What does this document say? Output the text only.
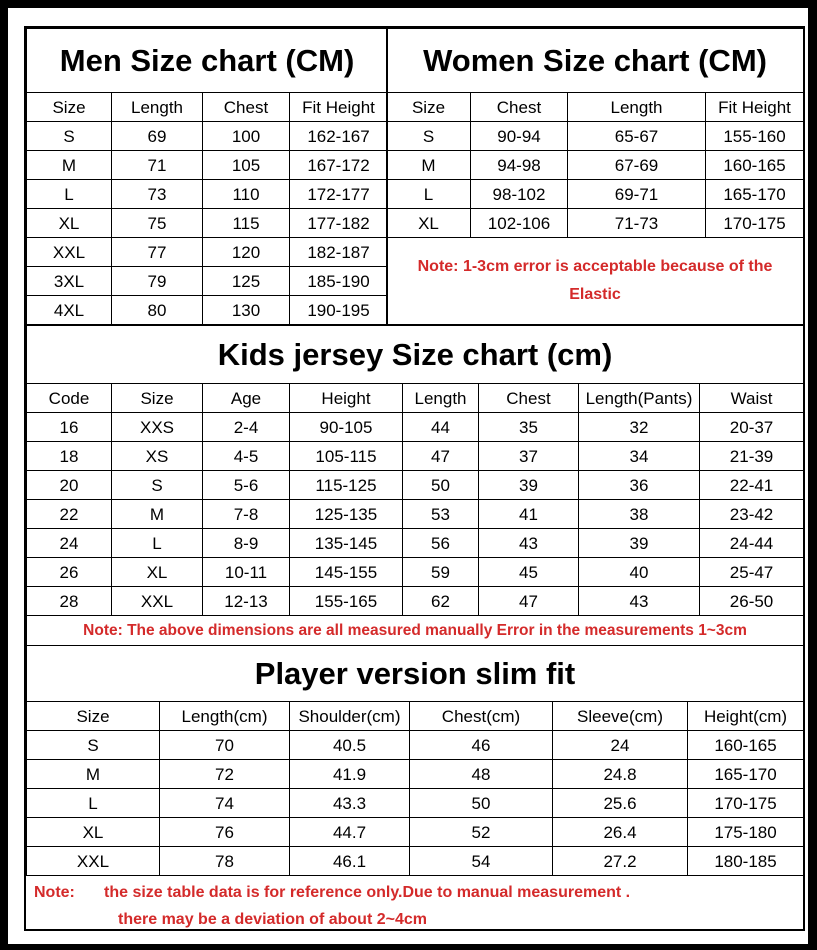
Men Size chart (CM)			
Size	Length	Chest	Fit Height
S	69	100	162-167
M	71	105	167-172
L	73	110	172-177
XL	75	115	177-182
XXL	77	120	182-187
3XL	79	125	185-190
4XL	80	130	190-195
Women Size chart (CM)			
Size	Chest	Length	Fit Height
S	90-94	65-67	155-160
M	94-98	67-69	160-165
L	98-102	69-71	165-170
XL	102-106	71-73	170-175

Note: 1-3cm error is acceptable because of the
Elastic			
Kids jersey Size chart (cm)							
Code	Size	Age	Height	Length	Chest	Length(Pants)	Waist
16	XXS	2-4	90-105	44	35	32	20-37
18	XS	4-5	105-115	47	37	34	21-39
20	S	5-6	115-125	50	39	36	22-41
22	M	7-8	125-135	53	41	38	23-42
24	L	8-9	135-145	56	43	39	24-44
26	XL	10-11	145-155	59	45	40	25-47
28	XXL	12-13	155-165	62	47	43	26-50
Note: The above dimensions are all measured manually Error in the measurements 1~3cm							
Player version slim fit					
Size	Length(cm)	Shoulder(cm)	Chest(cm)	Sleeve(cm)	Height(cm)
S	70	40.5	46	24	160-165
M	72	41.9	48	24.8	165-170
L	74	43.3	50	25.6	170-175
XL	76	44.7	52	26.4	175-180
XXL	78	46.1	54	27.2	180-185
Note: the size table data is for reference only.Due to manual measurement .
there may be a deviation of about 2~4cm
